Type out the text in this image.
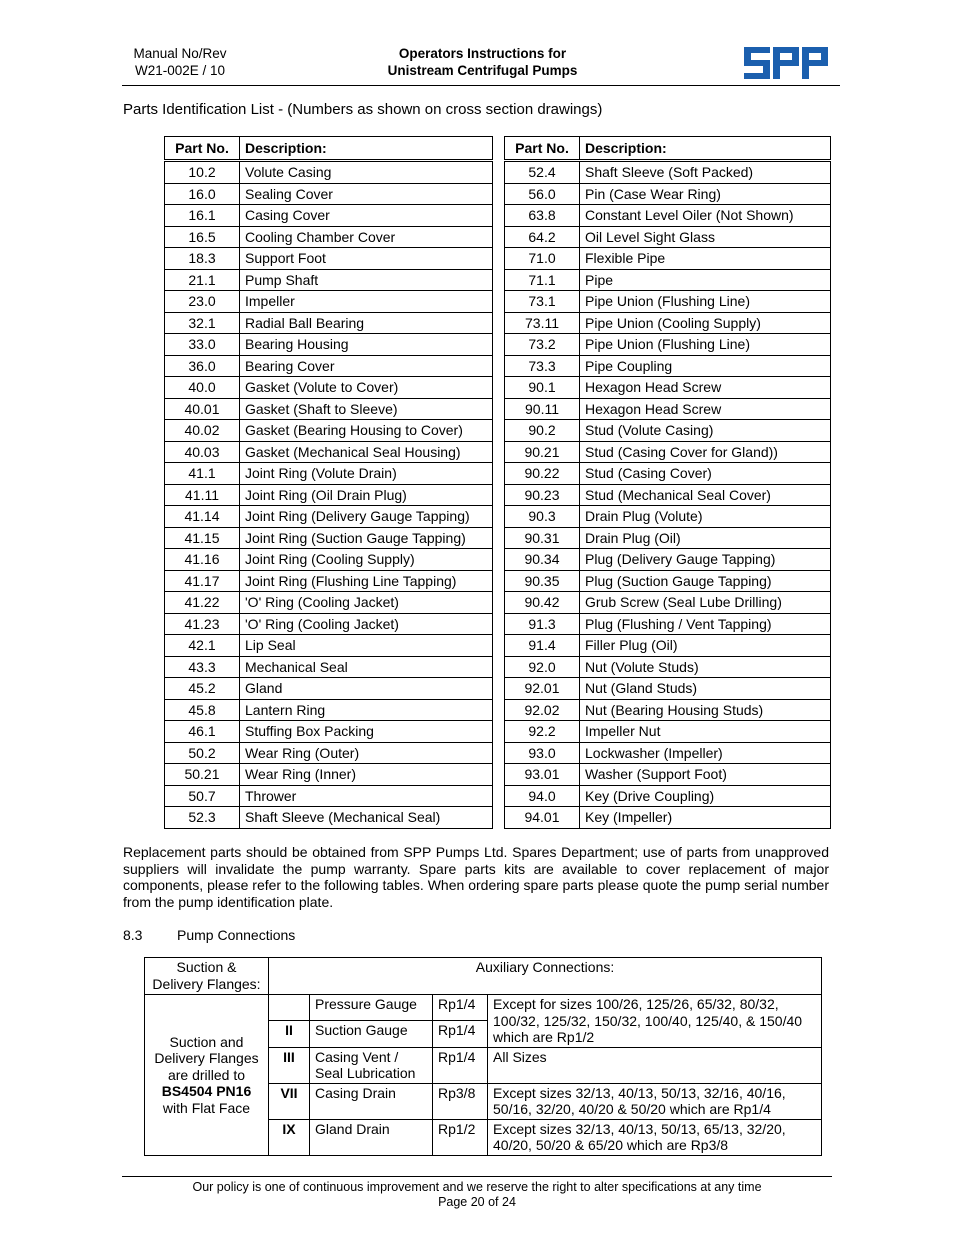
Manual No/Rev
W21-002E / 10
Operators Instructions for
Unistream Centrifugal Pumps
Parts Identification List - (Numbers as shown on cross section drawings)
Part No.	Description:
10.2	Volute Casing
16.0	Sealing Cover
16.1	Casing Cover
16.5	Cooling Chamber Cover
18.3	Support Foot
21.1	Pump Shaft
23.0	Impeller
32.1	Radial Ball Bearing
33.0	Bearing Housing
36.0	Bearing Cover
40.0	Gasket (Volute to Cover)
40.01	Gasket (Shaft to Sleeve)
40.02	Gasket (Bearing Housing to Cover)
40.03	Gasket (Mechanical Seal Housing)
41.1	Joint Ring (Volute Drain)
41.11	Joint Ring (Oil Drain Plug)
41.14	Joint Ring (Delivery Gauge Tapping)
41.15	Joint Ring (Suction Gauge Tapping)
41.16	Joint Ring (Cooling Supply)
41.17	Joint Ring (Flushing Line Tapping)
41.22	'O' Ring (Cooling Jacket)
41.23	'O' Ring (Cooling Jacket)
42.1	Lip Seal
43.3	Mechanical Seal
45.2	Gland
45.8	Lantern Ring
46.1	Stuffing Box Packing
50.2	Wear Ring (Outer)
50.21	Wear Ring (Inner)
50.7	Thrower
52.3	Shaft Sleeve (Mechanical Seal)
Part No.	Description:
52.4	Shaft Sleeve (Soft Packed)
56.0	Pin (Case Wear Ring)
63.8	Constant Level Oiler (Not Shown)
64.2	Oil Level Sight Glass
71.0	Flexible Pipe
71.1	Pipe
73.1	Pipe Union (Flushing Line)
73.11	Pipe Union (Cooling Supply)
73.2	Pipe Union (Flushing Line)
73.3	Pipe Coupling
90.1	Hexagon Head Screw
90.11	Hexagon Head Screw
90.2	Stud (Volute Casing)
90.21	Stud (Casing Cover for Gland))
90.22	Stud (Casing Cover)
90.23	Stud (Mechanical Seal Cover)
90.3	Drain Plug (Volute)
90.31	Drain Plug (Oil)
90.34	Plug (Delivery Gauge Tapping)
90.35	Plug (Suction Gauge Tapping)
90.42	Grub Screw (Seal Lube Drilling)
91.3	Plug (Flushing / Vent Tapping)
91.4	Filler Plug (Oil)
92.0	Nut (Volute Studs)
92.01	Nut (Gland Studs)
92.02	Nut (Bearing Housing Studs)
92.2	Impeller Nut
93.0	Lockwasher (Impeller)
93.01	Washer (Support Foot)
94.0	Key (Drive Coupling)
94.01	Key (Impeller)
Replacement parts should be obtained from SPP Pumps Ltd. Spares Department; use of parts from unapproved suppliers will invalidate the pump warranty. Spare parts kits are available to cover replacement of major components, please refer to the following tables. When ordering spare parts please quote the pump serial number from the pump identification plate.
8.3 Pump Connections
Suction & Delivery Flanges:	Auxiliary Connections:			
Suction and Delivery Flanges are drilled to
BS4504 PN16
with Flat Face		Pressure Gauge	Rp1/4	Except for sizes 100/26, 125/26, 65/32, 80/32, 100/32, 125/32, 150/32, 100/40, 125/40, & 150/40 which are Rp1/2
	II	Suction Gauge	Rp1/4	
	III	Casing Vent / Seal Lubrication	Rp1/4	All Sizes
	VII	Casing Drain	Rp3/8	Except sizes 32/13, 40/13, 50/13, 32/16, 40/16, 50/16, 32/20, 40/20 & 50/20 which are Rp1/4
	IX	Gland Drain	Rp1/2	Except sizes 32/13, 40/13, 50/13, 65/13, 32/20, 40/20, 50/20 & 65/20 which are Rp3/8
Our policy is one of continuous improvement and we reserve the right to alter specifications at any time
Page 20 of 24
